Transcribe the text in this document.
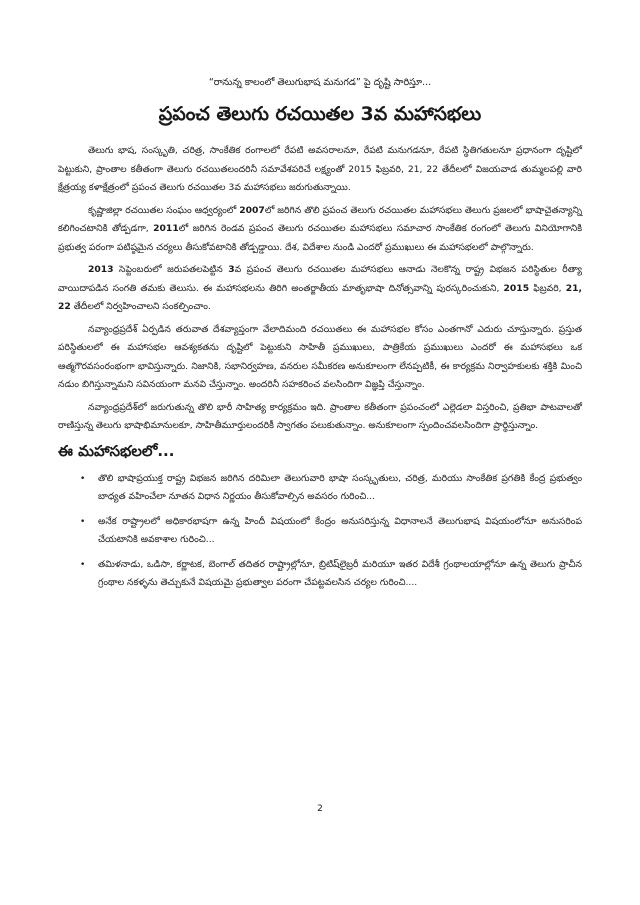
“రానున్న కాలంలో తెలుగుభాష మనుగడ” పై దృష్టి సారిస్తూ...

ప్రపంచ తెలుగు రచయితల 3వ మహాసభలు

తెలుగు భాష, సంస్కృతి, చరిత్ర, సాంకేతిక రంగాలలో రేపటి అవసరాలనూ, రేపటి మనుగడనూ, రేపటి స్థితిగతులనూ ప్రధానంగా దృష్టిలో పెట్టుకుని, ప్రాంతాల కతీతంగా తెలుగు రచయితలందరినీ సమావేశపరిచే లక్ష్యంతో 2015 ఫిబ్రవరి, 21, 22 తేదీలలో విజయవాడ తుమ్మలపల్లి వారి క్షేత్రయ్య కళాక్షేత్రంలో ప్రపంచ తెలుగు రచయితల 3వ మహాసభలు జరుగుతున్నాయి.

కృష్ణాజిల్లా రచయితల సంఘం ఆధ్వర్యంలో 2007లో జరిగిన తొలి ప్రపంచ తెలుగు రచయితల మహాసభలు తెలుగు ప్రజలలో భాషాచైతన్యాన్ని కలిగించటానికి తోడ్పడగా, 2011లో జరిగిన రెండవ ప్రపంచ తెలుగు రచయితల మహాసభలు సమాచార సాంకేతిక రంగంలో తెలుగు వినియోగానికి ప్రభుత్వ పరంగా పటిష్ఠమైన చర్యలు తీసుకోవటానికి తోడ్పడ్డాయి. దేశ, విదేశాల నుండి ఎందరో ప్రముఖులు ఈ మహాసభలలో పాల్గొన్నారు.

2013 సెప్టెంబరులో జరుపతలపెట్టిన 3వ ప్రపంచ తెలుగు రచయితల మహాసభలు ఆనాడు నెలకొన్న రాష్ట్ర విభజన పరిస్థితుల రీత్యా వాయిదాపడిన సంగతి తమకు తెలుసు. ఈ మహాసభలను తిరిగి అంతర్జాతీయ మాతృభాషా దినోత్సవాన్ని పురస్కరించుకుని, 2015 ఫిబ్రవరి, 21, 22 తేదీలలో నిర్వహించాలని సంకల్పించాం.

నవ్యాంధ్రప్రదేశ్ ఏర్పడిన తరువాత దేశవ్యాప్తంగా వేలాదిమంది రచయితలు ఈ మహాసభల కోసం ఎంతగానో ఎదురు చూస్తున్నారు. ప్రస్తుత పరిస్థితులలో ఈ మహాసభల ఆవశ్యకతను దృష్టిలో పెట్టుకుని సాహితీ ప్రముఖులు, పాత్రికేయ ప్రముఖులు ఎందరో ఈ మహాసభలు ఒక ఆత్మగౌరవసంరంభంగా భావిస్తున్నారు. నిజానికి, సభానిర్వహణ, వనరుల సమీకరణ అనుకూలంగా లేనప్పటికీ, ఈ కార్యక్రమ నిర్వాహకులకు శక్తికి మించి నడుం బిగిస్తున్నామని సవినయంగా మనవి చేస్తున్నాం. అందరినీ సహకరించ వలసిందిగా విజ్ఞప్తి చేస్తున్నాం.

నవ్యాంధ్రప్రదేశ్‌లో జరుగుతున్న తొలి భారీ సాహిత్య కార్యక్రమం ఇది. ప్రాంతాల కతీతంగా ప్రపంచంలో ఎల్లెడలా విస్తరించి, ప్రతిభా పాటవాలతో రాణిస్తున్న తెలుగు భాషాభిమానులకూ, సాహితీమూర్తులందరికీ స్వాగతం పలుకుతున్నాం. అనుకూలంగా స్పందించవలసిందిగా ప్రార్థిస్తున్నాం.

ఈ మహాసభలలో...
• తొలి భాషాప్రయుక్త రాష్ట్ర విభజన జరిగిన దరిమిలా తెలుగువారి భాషా సంస్కృతులు, చరిత్ర, మరియు సాంకేతిక ప్రగతికి కేంద్ర ప్రభుత్వం బాధ్యత వహించేలా నూతన విధాన నిర్ణయం తీసుకోవాల్సిన అవసరం గురించి...
• అనేక రాష్ట్రాలలో అధికారభాషగా ఉన్న హిందీ విషయంలో కేంద్రం అనుసరిస్తున్న విధానాలనే తెలుగుభాష విషయంలోనూ అనుసరింప చేయటానికి అవకాశాల గురించి...
• తమిళనాడు, ఒడిసా, కర్ణాటక, బెంగాల్ తదితర రాష్ట్రాల్లోనూ, బ్రిటిష్‌లైబ్రరీ మరియూ ఇతర విదేశీ గ్రంథాలయాల్లోనూ ఉన్న తెలుగు ప్రాచీన గ్రంథాల నకళ్ళను తెచ్చుకునే విషయమై ప్రభుత్వాల పరంగా చేపట్టవలసిన చర్యల గురించి....
2
